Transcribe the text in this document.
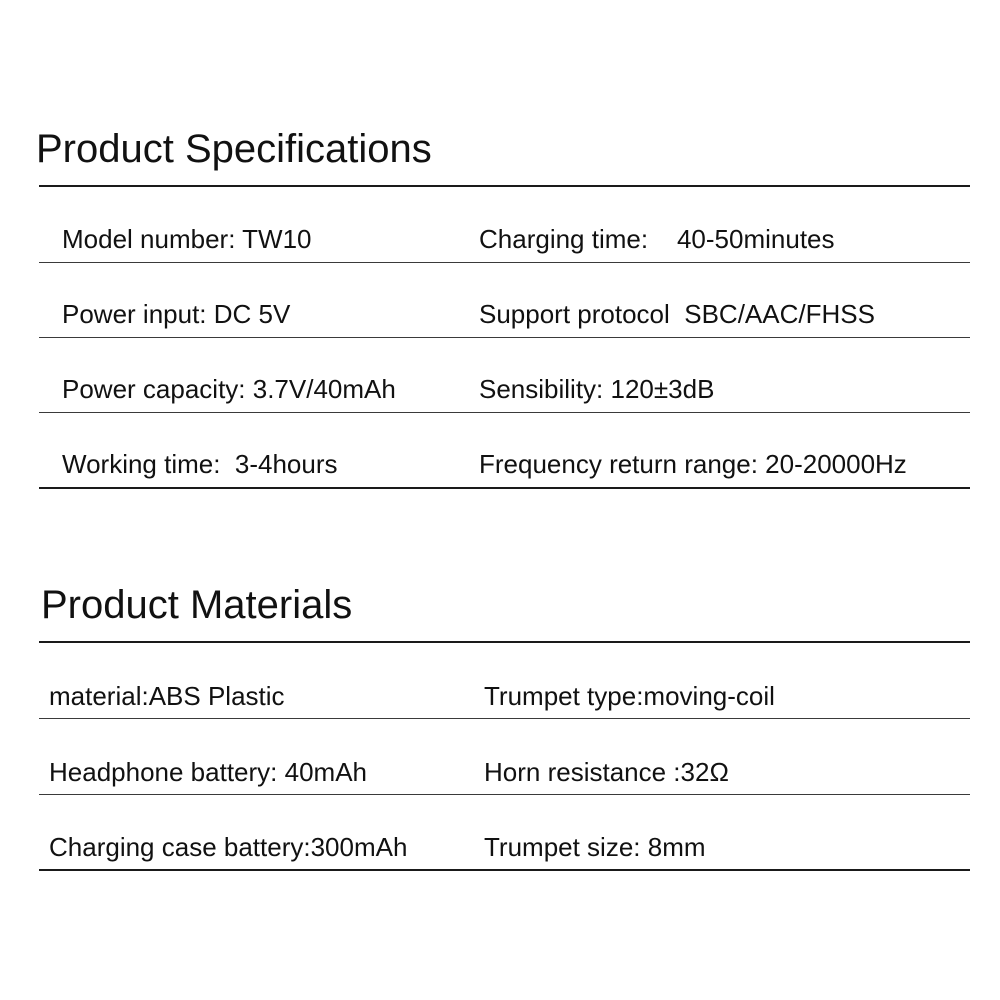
Product Specifications
Model number: TW10	Charging time:    40-50minutes
Power input: DC 5V	Support protocol  SBC/AAC/FHSS
Power capacity: 3.7V/40mAh	Sensibility: 120±3dB
Working time:  3-4hours	Frequency return range: 20-20000Hz
Product Materials
material:ABS Plastic	Trumpet type:moving-coil
Headphone battery: 40mAh	Horn resistance :32Ω
Charging case battery:300mAh	Trumpet size: 8mm
